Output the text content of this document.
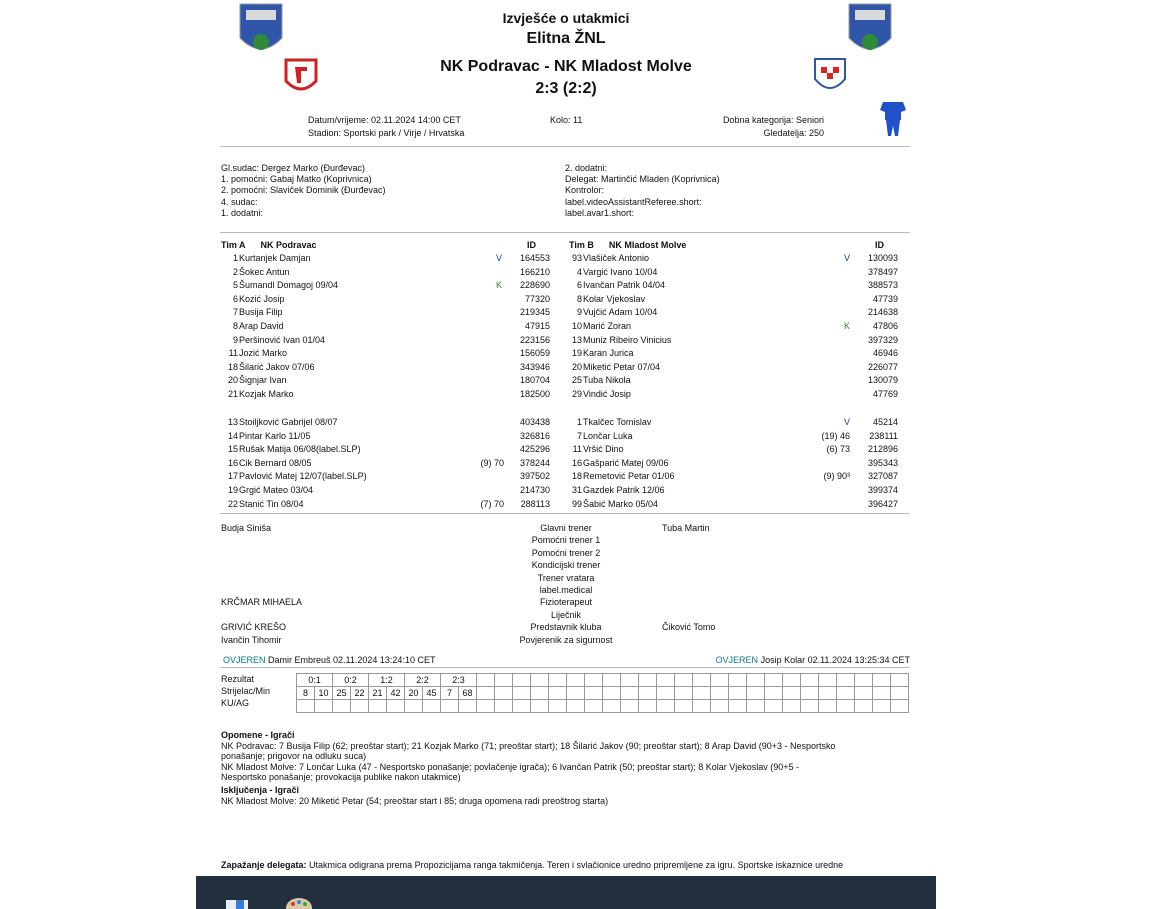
Izvješće o utakmici
Elitna ŽNL
NK Podravac - NK Mladost Molve
2:3 (2:2)
Datum/vrijeme: 02.11.2024 14:00 CET
Stadion: Sportski park / Virje / Hrvatska
Kolo: 11	Dobna kategorija: Seniori
Gledatelja: 250
Gl.sudac: Dergez Marko (Đurđevac)
1. pomoćni: Gabaj Matko (Koprivnica)
2. pomoćni: Slaviček Dominik (Đurđevac)
4. sudac:
1. dodatni:
2. dodatni:
Delegat: Martinčić Mladen (Koprivnica)
Kontrolor:
label.videoAssistantReferee.short:
label.avar1.short:
Tim A NK Podravac	ID	Tim B NK Mladost Molve	ID
1Kurtanjek Damjan	V	164553
2Šokec Antun	166210
5Šumandl Domagoj 09/04	K	228690
6Kozić Josip	77320
7Busija Filip	219345
8Arap David	47915
9Peršinović Ivan 01/04	223156
11Jozić Marko	156059
18Šilarić Jakov 07/06	343946
20Šignjar Ivan	180704
21Kozjak Marko	182500
93Vlašiček Antonio	V	130093
4Vargić Ivano 10/04	378497
6Ivančan Patrik 04/04	388573
8Kolar Vjekoslav	47739
9Vujčić Adam 10/04	214638
10Marić Zoran	K	47806
13Muniz Ribeiro Vinicius	397329
19Karan Jurica	46946
20Miketić Petar 07/04	226077
25Tuba Nikola	130079
29Vindić Josip	47769
13Stoiljković Gabrijel 08/07	403438
14Pintar Karlo 11/05	326816
15Rušak Matija 06/08(label.SLP)	425296
16Cik Bernard 08/05	(9) 70	378244
17Pavlović Matej 12/07(label.SLP)	397502
19Grgić Mateo 03/04	214730
22Stanić Tin 08/04	(7) 70	288113
1Tkalčec Tomislav	V	45214
7Lončar Luka	(19) 46	238111
11Vršić Dino	(6) 73	212896
16Gašparić Matej 09/06	395343
18Remetović Petar 01/06	(9) 90³	327087
31Gazdek Patrik 12/06	399374
99Šabić Marko 05/04	396427
Budja Siniša	Glavni trener	Tuba Martin
Pomoćni trener 1
Pomoćni trener 2
Kondicijski trener
Trener vratara
label.medical
KRČMAR MIHAELA	Fizioterapeut
Liječnik
GRIVIĆ KREŠO	Predstavnik kluba	Čiković Tomo
Ivančin Tihomir	Povjerenik za sigurnost
OVJEREN Damir Embreuš 02.11.2024 13:24:10 CET	OVJEREN Josip Kolar 02.11.2024 13:25:34 CET
Rezultat
Strijelac/Min
KU/AG
0:1		0:2		1:2		2:2		2:3																									
8	10	25	22	21	42	20	45	7	68																								

Opomene - Igrači
NK Podravac: 7 Busija Filip (62; preoštar start); 21 Kozjak Marko (71; preoštar start); 18 Šilarić Jakov (90; preoštar start); 8 Arap David (90+3 - Nesportsko
ponašanje; prigovor na odluku suca)
NK Mladost Molve: 7 Lončar Luka (47 - Nesportsko ponašanje; povlačenje igrača); 6 Ivančan Patrik (50; preoštar start); 8 Kolar Vjekoslav (90+5 -
Nesportsko ponašanje; provokacija publike nakon utakmice)
Isključenja - Igrači
NK Mladost Molve: 20 Miketić Petar (54; preoštar start i 85; druga opomena radi preoštrog starta)
Zapažanje delegata: Utakmica odigrana prema Propozicijama ranga takmičenja. Teren i svlačionice uredno pripremljene za igru. Sportske iskaznice uredne
